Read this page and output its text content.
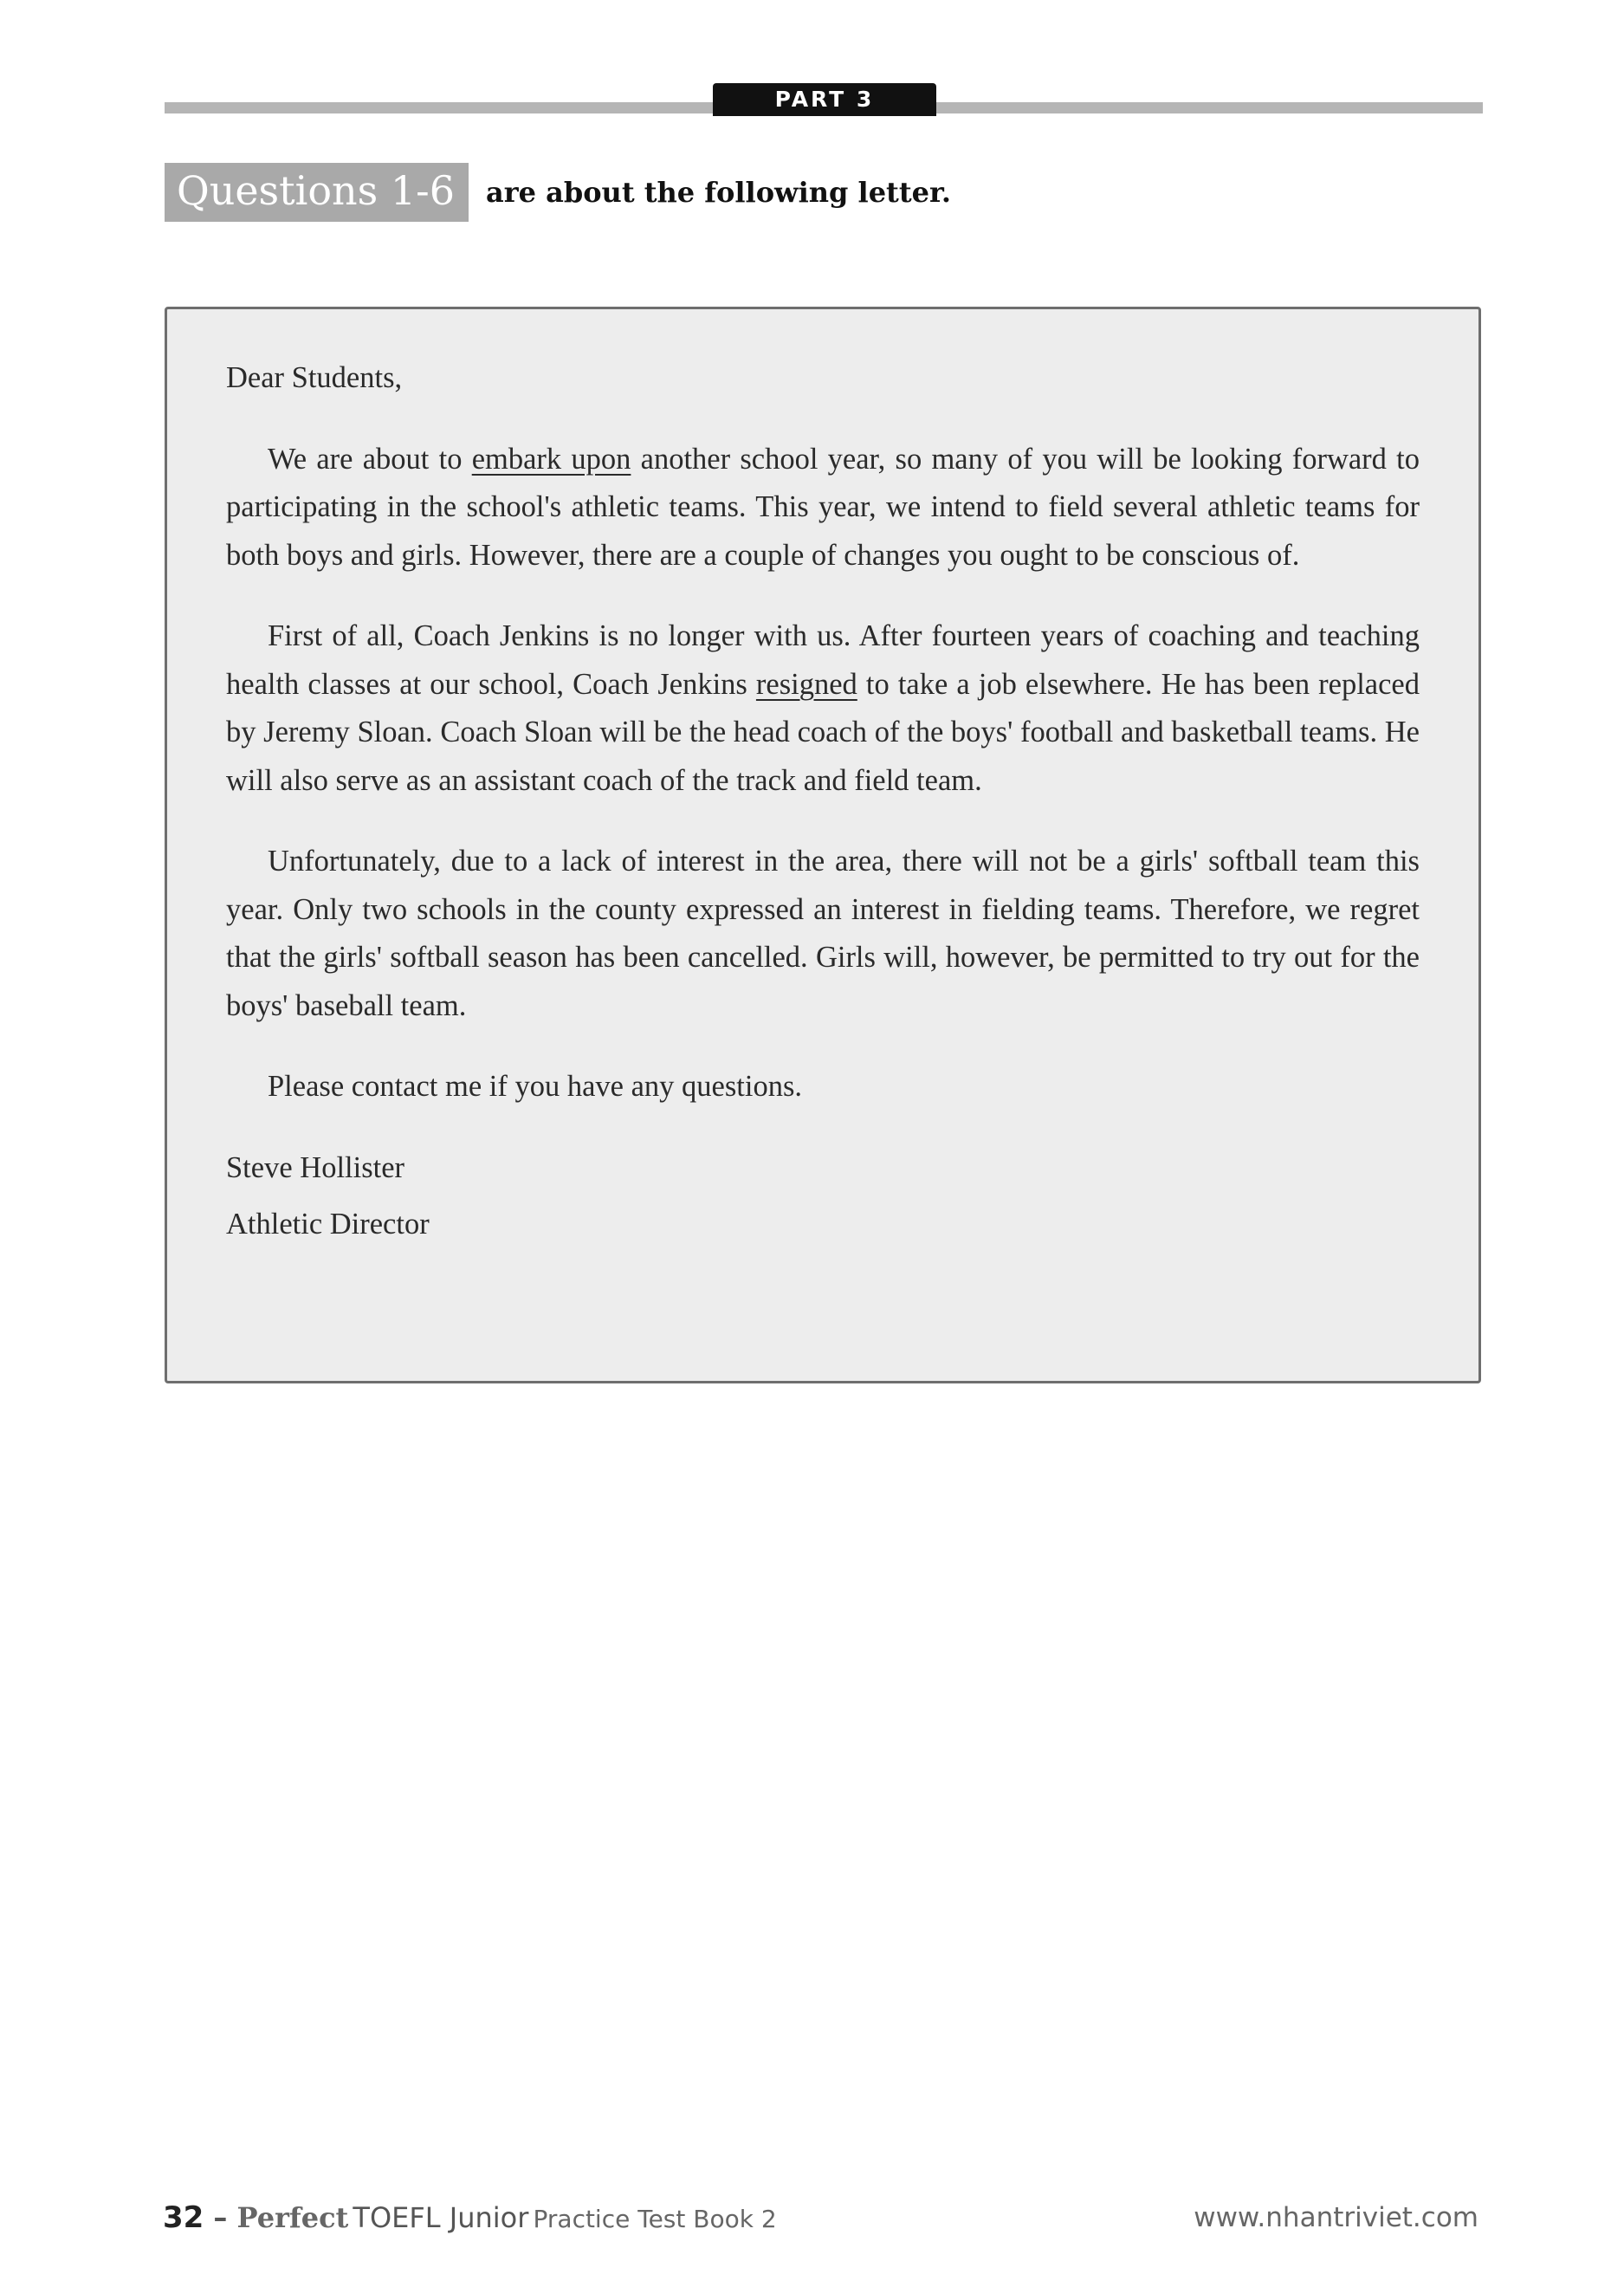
PART 3
Questions 1-6	are about the following letter.

Dear Students,

We are about to embark upon another school year, so many of you will be looking forward to participating in the school's athletic teams. This year, we intend to field several athletic teams for both boys and girls. However, there are a couple of changes you ought to be conscious of.

First of all, Coach Jenkins is no longer with us. After fourteen years of coaching and teaching health classes at our school, Coach Jenkins resigned to take a job elsewhere. He has been replaced by Jeremy Sloan. Coach Sloan will be the head coach of the boys' football and basketball teams. He will also serve as an assistant coach of the track and field team.

Unfortunately, due to a lack of interest in the area, there will not be a girls' softball team this year. Only two schools in the county expressed an interest in fielding teams. Therefore, we regret that the girls' softball season has been cancelled. Girls will, however, be permitted to try out for the boys' baseball team.

Please contact me if you have any questions.

Steve Hollister

Athletic Director

32 – Perfect TOEFL Junior Practice Test Book 2	www.nhantriviet.com
